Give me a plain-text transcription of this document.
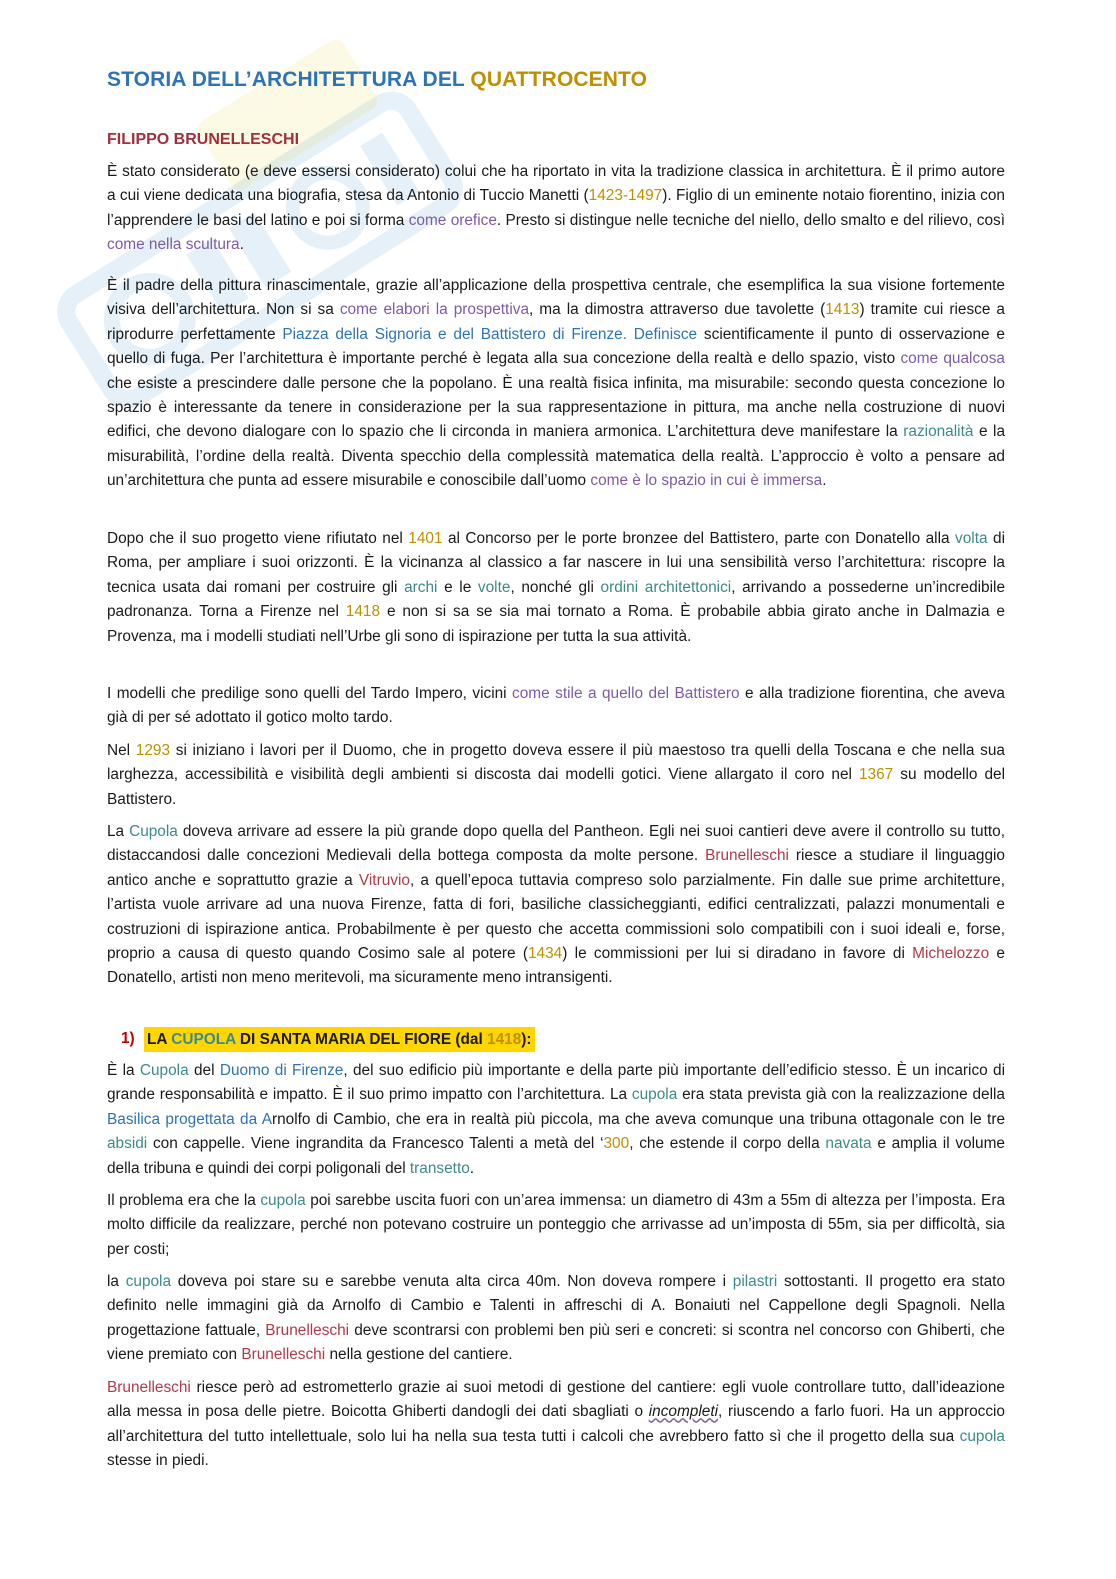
STORIA DELL’ARCHITETTURA DEL QUATTROCENTO
FILIPPO BRUNELLESCHI

È stato considerato (e deve essersi considerato) colui che ha riportato in vita la tradizione classica in architettura. È il primo autore a cui viene dedicata una biografia, stesa da Antonio di Tuccio Manetti (1423-1497). Figlio di un eminente notaio fiorentino, inizia con l’apprendere le basi del latino e poi si forma come orefice. Presto si distingue nelle tecniche del niello, dello smalto e del rilievo, così come nella scultura.

È il padre della pittura rinascimentale, grazie all’applicazione della prospettiva centrale, che esemplifica la sua visione fortemente visiva dell’architettura. Non si sa come elabori la prospettiva, ma la dimostra attraverso due tavolette (1413) tramite cui riesce a riprodurre perfettamente Piazza della Signoria e del Battistero di Firenze. Definisce scientificamente il punto di osservazione e quello di fuga. Per l’architettura è importante perché è legata alla sua concezione della realtà e dello spazio, visto come qualcosa che esiste a prescindere dalle persone che la popolano. È una realtà fisica infinita, ma misurabile: secondo questa concezione lo spazio è interessante da tenere in considerazione per la sua rappresentazione in pittura, ma anche nella costruzione di nuovi edifici, che devono dialogare con lo spazio che li circonda in maniera armonica. L’architettura deve manifestare la razionalità e la misurabilità, l’ordine della realtà. Diventa specchio della complessità matematica della realtà. L’approccio è volto a pensare ad un’architettura che punta ad essere misurabile e conoscibile dall’uomo come è lo spazio in cui è immersa.

Dopo che il suo progetto viene rifiutato nel 1401 al Concorso per le porte bronzee del Battistero, parte con Donatello alla volta di Roma, per ampliare i suoi orizzonti. È la vicinanza al classico a far nascere in lui una sensibilità verso l’architettura: riscopre la tecnica usata dai romani per costruire gli archi e le volte, nonché gli ordini architettonici, arrivando a possederne un’incredibile padronanza. Torna a Firenze nel 1418 e non si sa se sia mai tornato a Roma. È probabile abbia girato anche in Dalmazia e Provenza, ma i modelli studiati nell’Urbe gli sono di ispirazione per tutta la sua attività.

I modelli che predilige sono quelli del Tardo Impero, vicini come stile a quello del Battistero e alla tradizione fiorentina, che aveva già di per sé adottato il gotico molto tardo.

Nel 1293 si iniziano i lavori per il Duomo, che in progetto doveva essere il più maestoso tra quelli della Toscana e che nella sua larghezza, accessibilità e visibilità degli ambienti si discosta dai modelli gotici. Viene allargato il coro nel 1367 su modello del Battistero.

La Cupola doveva arrivare ad essere la più grande dopo quella del Pantheon. Egli nei suoi cantieri deve avere il controllo su tutto, distaccandosi dalle concezioni Medievali della bottega composta da molte persone. Brunelleschi riesce a studiare il linguaggio antico anche e soprattutto grazie a Vitruvio, a quell’epoca tuttavia compreso solo parzialmente. Fin dalle sue prime architetture, l’artista vuole arrivare ad una nuova Firenze, fatta di fori, basiliche classicheggianti, edifici centralizzati, palazzi monumentali e costruzioni di ispirazione antica. Probabilmente è per questo che accetta commissioni solo compatibili con i suoi ideali e, forse, proprio a causa di questo quando Cosimo sale al potere (1434) le commissioni per lui si diradano in favore di Michelozzo e Donatello, artisti non meno meritevoli, ma sicuramente meno intransigenti.

1) LA CUPOLA DI SANTA MARIA DEL FIORE (dal 1418):

È la Cupola del Duomo di Firenze, del suo edificio più importante e della parte più importante dell’edificio stesso. È un incarico di grande responsabilità e impatto. È il suo primo impatto con l’architettura. La cupola era stata prevista già con la realizzazione della Basilica progettata da Arnolfo di Cambio, che era in realtà più piccola, ma che aveva comunque una tribuna ottagonale con le tre absidi con cappelle. Viene ingrandita da Francesco Talenti a metà del ‘300, che estende il corpo della navata e amplia il volume della tribuna e quindi dei corpi poligonali del transetto.

Il problema era che la cupola poi sarebbe uscita fuori con un’area immensa: un diametro di 43m a 55m di altezza per l’imposta. Era molto difficile da realizzare, perché non potevano costruire un ponteggio che arrivasse ad un’imposta di 55m, sia per difficoltà, sia per costi;

la cupola doveva poi stare su e sarebbe venuta alta circa 40m. Non doveva rompere i pilastri sottostanti. Il progetto era stato definito nelle immagini già da Arnolfo di Cambio e Talenti in affreschi di A. Bonaiuti nel Cappellone degli Spagnoli. Nella progettazione fattuale, Brunelleschi deve scontrarsi con problemi ben più seri e concreti: si scontra nel concorso con Ghiberti, che viene premiato con Brunelleschi nella gestione del cantiere.

Brunelleschi riesce però ad estrometterlo grazie ai suoi metodi di gestione del cantiere: egli vuole controllare tutto, dall’ideazione alla messa in posa delle pietre. Boicotta Ghiberti dandogli dei dati sbagliati o incompleti, riuscendo a farlo fuori. Ha un approccio all’architettura del tutto intellettuale, solo lui ha nella sua testa tutti i calcoli che avrebbero fatto sì che il progetto della sua cupola stesse in piedi.
